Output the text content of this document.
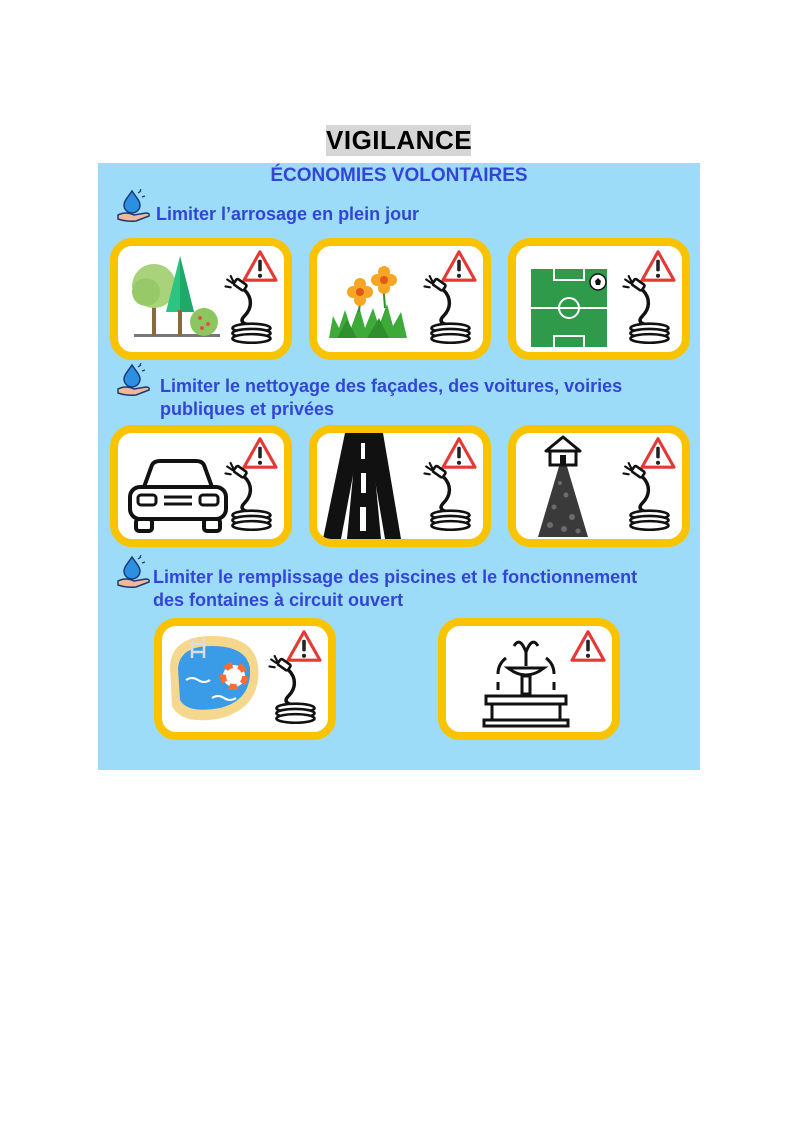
VIGILANCE
ÉCONOMIES VOLONTAIRES
Limiter l’arrosage en plein jour
Limiter le nettoyage des façades, des voitures, voiries
publiques et privées
Limiter le remplissage des piscines et le fonctionnement
des fontaines à circuit ouvert
